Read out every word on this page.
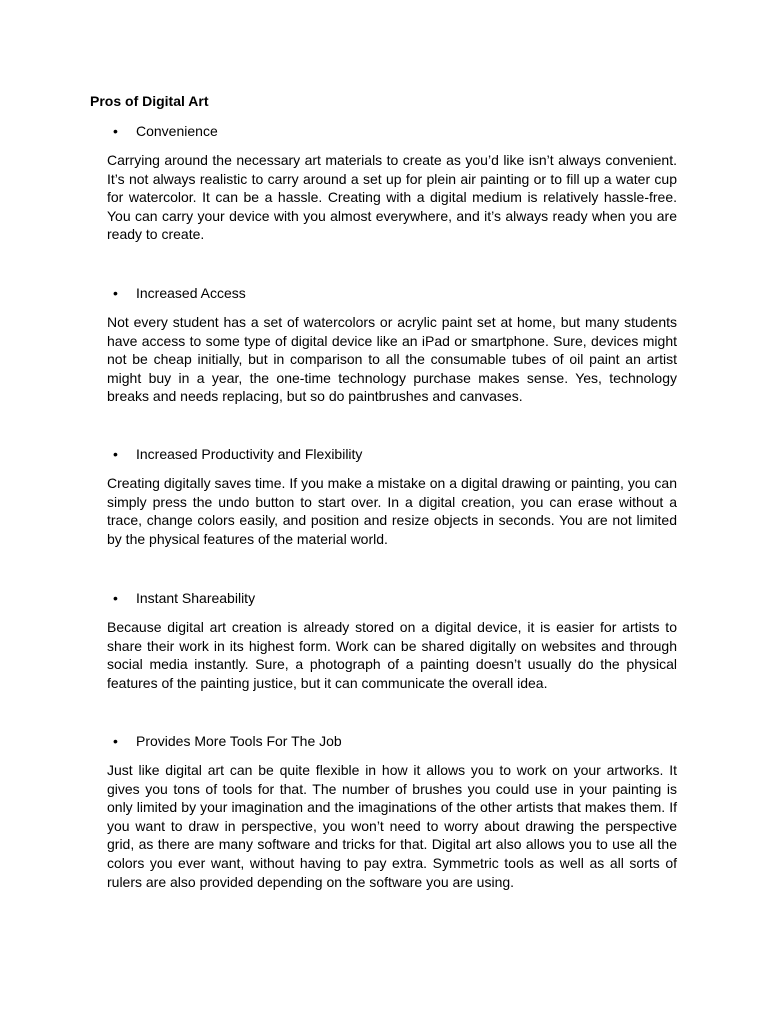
Pros of Digital Art
• Convenience

Carrying around the necessary art materials to create as you’d like isn’t always convenient. It’s not always realistic to carry around a set up for plein air painting or to fill up a water cup for watercolor. It can be a hassle. Creating with a digital medium is relatively hassle-free. You can carry your device with you almost everywhere, and it’s always ready when you are ready to create.

• Increased Access

Not every student has a set of watercolors or acrylic paint set at home, but many students have access to some type of digital device like an iPad or smartphone. Sure, devices might not be cheap initially, but in comparison to all the consumable tubes of oil paint an artist might buy in a year, the one-time technology purchase makes sense. Yes, technology breaks and needs replacing, but so do paintbrushes and canvases.

• Increased Productivity and Flexibility

Creating digitally saves time. If you make a mistake on a digital drawing or painting, you can simply press the undo button to start over. In a digital creation, you can erase without a trace, change colors easily, and position and resize objects in seconds. You are not limited by the physical features of the material world.

• Instant Shareability

Because digital art creation is already stored on a digital device, it is easier for artists to share their work in its highest form. Work can be shared digitally on websites and through social media instantly. Sure, a photograph of a painting doesn’t usually do the physical features of the painting justice, but it can communicate the overall idea.

• Provides More Tools For The Job

Just like digital art can be quite flexible in how it allows you to work on your artworks. It gives you tons of tools for that. The number of brushes you could use in your painting is only limited by your imagination and the imaginations of the other artists that makes them. If you want to draw in perspective, you won’t need to worry about drawing the perspective grid, as there are many software and tricks for that. Digital art also allows you to use all the colors you ever want, without having to pay extra. Symmetric tools as well as all sorts of rulers are also provided depending on the software you are using.
